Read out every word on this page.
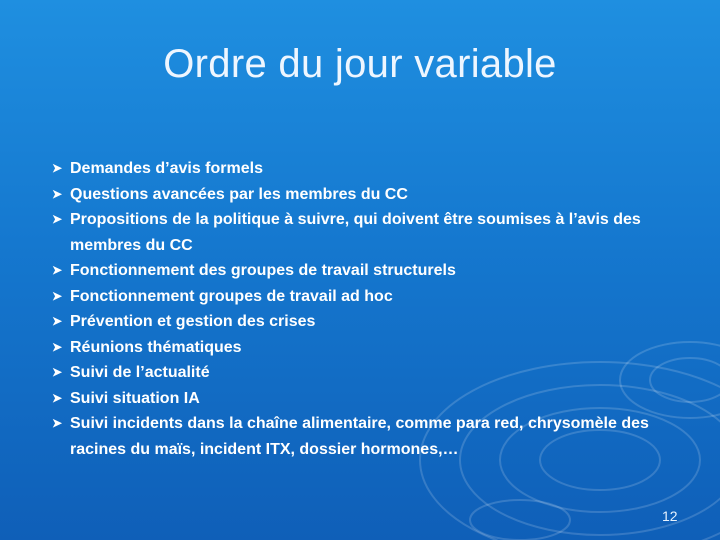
Ordre du jour variable
➤ Demandes d’avis formels
➤ Questions avancées par les membres du CC
➤ Propositions de la politique à suivre, qui doivent être soumises à l’avis des membres du CC
➤ Fonctionnement des groupes de travail structurels
➤ Fonctionnement groupes de travail ad hoc
➤ Prévention et gestion des crises
➤ Réunions thématiques
➤ Suivi de l’actualité
➤ Suivi situation IA
➤ Suivi incidents dans la chaîne alimentaire, comme para red, chrysomèle des racines du maïs, incident ITX, dossier hormones,…
12
